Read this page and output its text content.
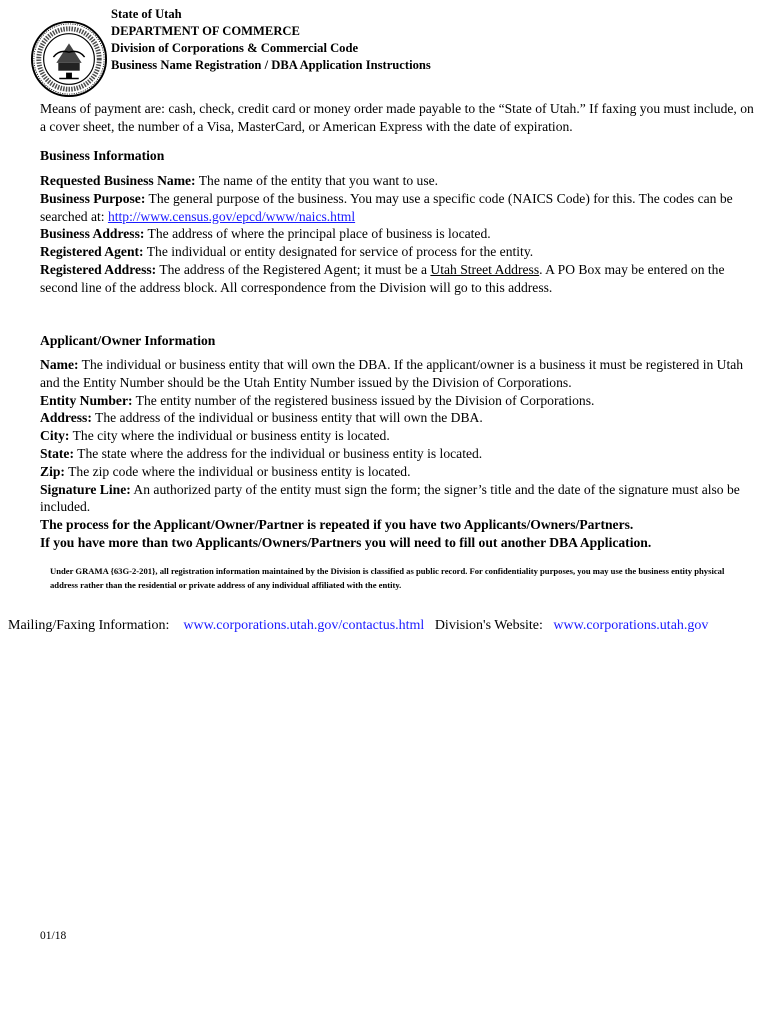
State of Utah
DEPARTMENT OF COMMERCE
Division of Corporations & Commercial Code
Business Name Registration / DBA Application Instructions
Means of payment are: cash, check, credit card or money order made payable to the “State of Utah.” If faxing you must include, on a cover sheet, the number of a Visa, MasterCard, or American Express with the date of expiration.
Business Information

Requested Business Name: The name of the entity that you want to use.

Business Purpose: The general purpose of the business. You may use a specific code (NAICS Code) for this. The codes can be searched at: http://www.census.gov/epcd/www/naics.html

Business Address: The address of where the principal place of business is located.

Registered Agent: The individual or entity designated for service of process for the entity.

Registered Address: The address of the Registered Agent; it must be a Utah Street Address. A PO Box may be entered on the second line of the address block. All correspondence from the Division will go to this address.

Applicant/Owner Information

Name: The individual or business entity that will own the DBA. If the applicant/owner is a business it must be registered in Utah and the Entity Number should be the Utah Entity Number issued by the Division of Corporations.

Entity Number: The entity number of the registered business issued by the Division of Corporations.

Address: The address of the individual or business entity that will own the DBA.

City: The city where the individual or business entity is located.

State: The state where the address for the individual or business entity is located.

Zip: The zip code where the individual or business entity is located.

Signature Line: An authorized party of the entity must sign the form; the signer’s title and the date of the signature must also be included.

The process for the Applicant/Owner/Partner is repeated if you have two Applicants/Owners/Partners.

If you have more than two Applicants/Owners/Partners you will need to fill out another DBA Application.

Under GRAMA {63G-2-201}, all registration information maintained by the Division is classified as public record. For confidentiality purposes, you may use the business entity physical address rather than the residential or private address of any individual affiliated with the entity.
Mailing/Faxing Information: www.corporations.utah.gov/contactus.html Division's Website: www.corporations.utah.gov
01/18
